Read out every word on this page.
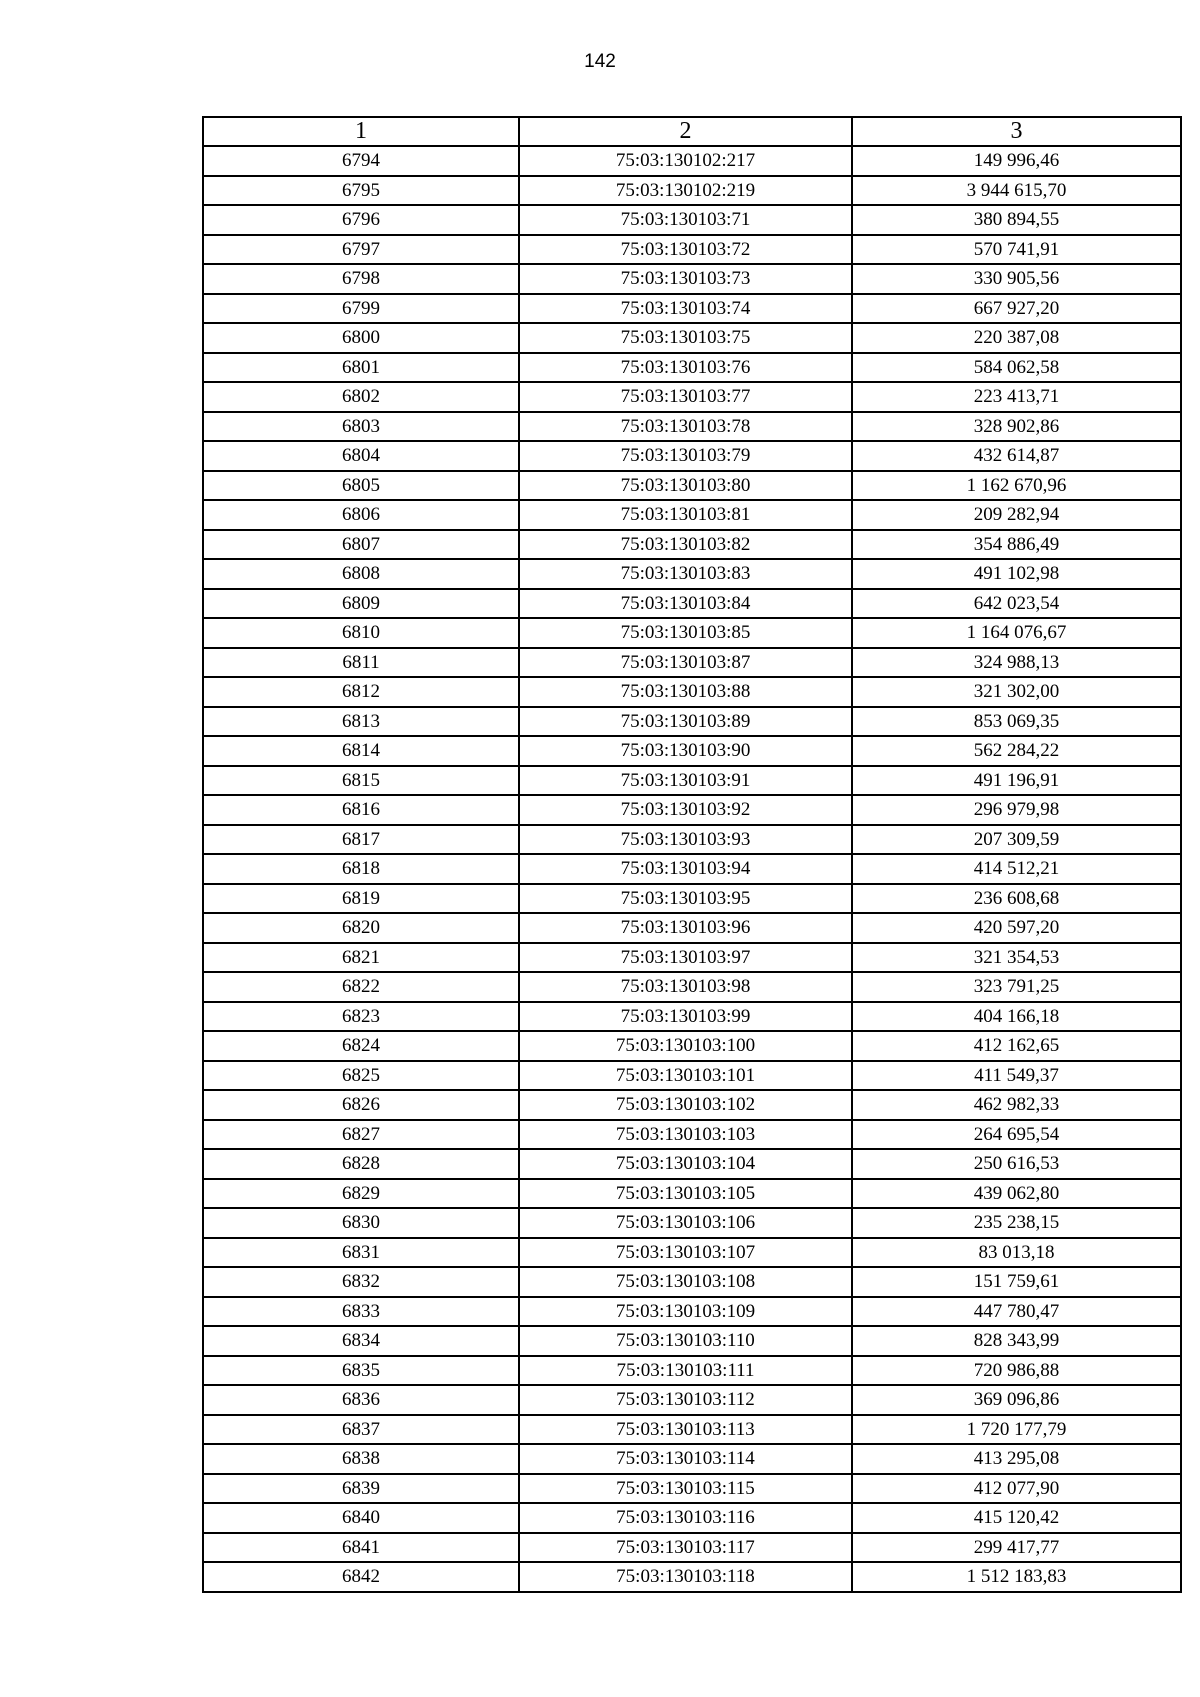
142
1	2	3
6794	75:03:130102:217	149 996,46
6795	75:03:130102:219	3 944 615,70
6796	75:03:130103:71	380 894,55
6797	75:03:130103:72	570 741,91
6798	75:03:130103:73	330 905,56
6799	75:03:130103:74	667 927,20
6800	75:03:130103:75	220 387,08
6801	75:03:130103:76	584 062,58
6802	75:03:130103:77	223 413,71
6803	75:03:130103:78	328 902,86
6804	75:03:130103:79	432 614,87
6805	75:03:130103:80	1 162 670,96
6806	75:03:130103:81	209 282,94
6807	75:03:130103:82	354 886,49
6808	75:03:130103:83	491 102,98
6809	75:03:130103:84	642 023,54
6810	75:03:130103:85	1 164 076,67
6811	75:03:130103:87	324 988,13
6812	75:03:130103:88	321 302,00
6813	75:03:130103:89	853 069,35
6814	75:03:130103:90	562 284,22
6815	75:03:130103:91	491 196,91
6816	75:03:130103:92	296 979,98
6817	75:03:130103:93	207 309,59
6818	75:03:130103:94	414 512,21
6819	75:03:130103:95	236 608,68
6820	75:03:130103:96	420 597,20
6821	75:03:130103:97	321 354,53
6822	75:03:130103:98	323 791,25
6823	75:03:130103:99	404 166,18
6824	75:03:130103:100	412 162,65
6825	75:03:130103:101	411 549,37
6826	75:03:130103:102	462 982,33
6827	75:03:130103:103	264 695,54
6828	75:03:130103:104	250 616,53
6829	75:03:130103:105	439 062,80
6830	75:03:130103:106	235 238,15
6831	75:03:130103:107	83 013,18
6832	75:03:130103:108	151 759,61
6833	75:03:130103:109	447 780,47
6834	75:03:130103:110	828 343,99
6835	75:03:130103:111	720 986,88
6836	75:03:130103:112	369 096,86
6837	75:03:130103:113	1 720 177,79
6838	75:03:130103:114	413 295,08
6839	75:03:130103:115	412 077,90
6840	75:03:130103:116	415 120,42
6841	75:03:130103:117	299 417,77
6842	75:03:130103:118	1 512 183,83
